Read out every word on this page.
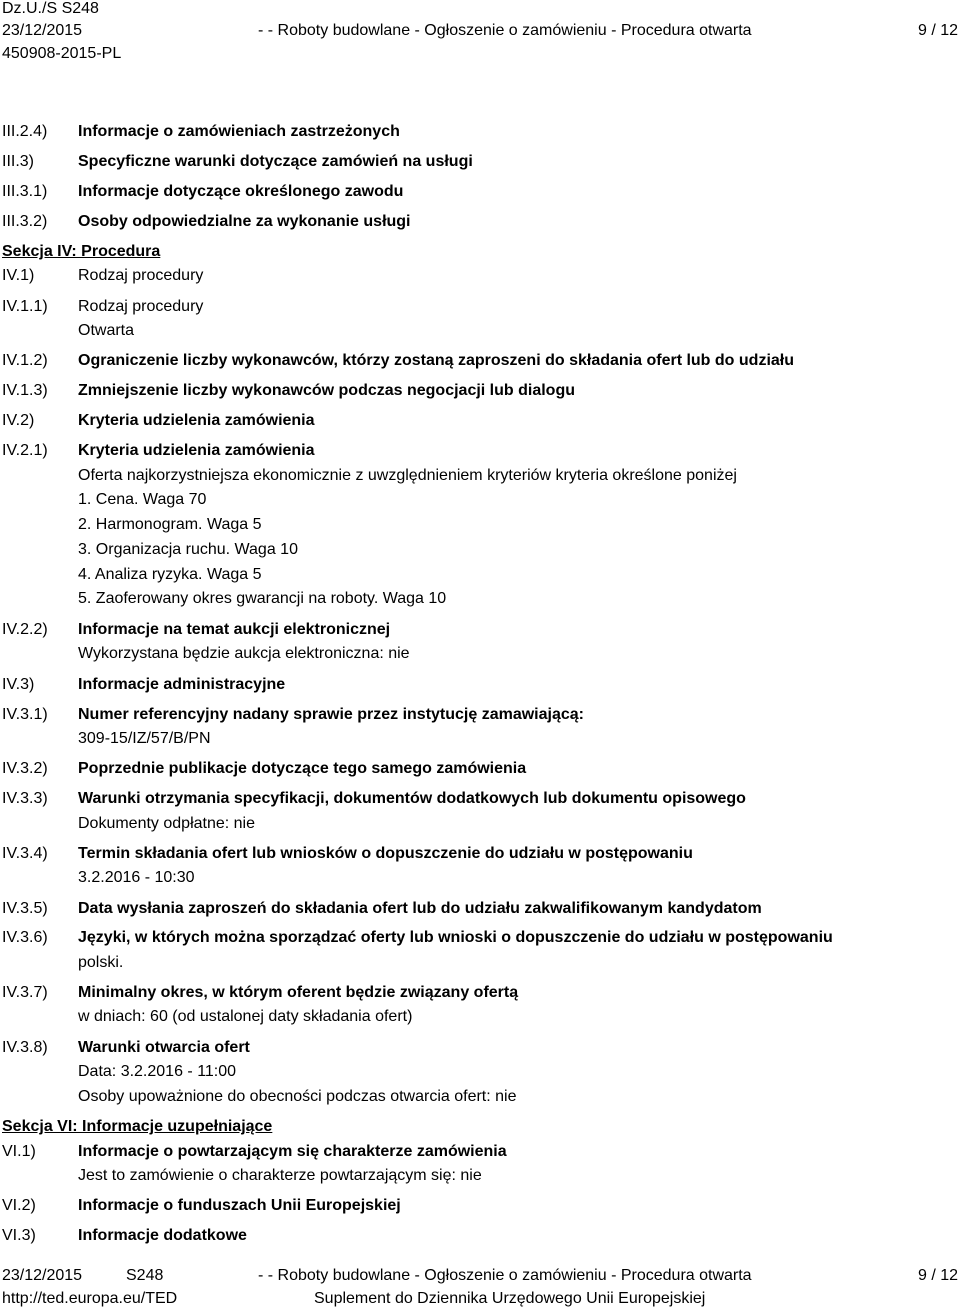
Dz.U./S S248
23/12/2015
450908-2015-PL
- - Roboty budowlane - Ogłoszenie o zamówieniu - Procedura otwarta	9 / 12
III.2.4) Informacje o zamówieniach zastrzeżonych
III.3)	Specyficzne warunki dotyczące zamówień na usługi
III.3.1) Informacje dotyczące określonego zawodu
III.3.2) Osoby odpowiedzialne za wykonanie usługi
Sekcja IV: Procedura
IV.1)	Rodzaj procedury
IV.1.1) Rodzaj procedury
Otwarta
IV.1.2) Ograniczenie liczby wykonawców, którzy zostaną zaproszeni do składania ofert lub do udziału
IV.1.3) Zmniejszenie liczby wykonawców podczas negocjacji lub dialogu
IV.2)	Kryteria udzielenia zamówienia
IV.2.1) Kryteria udzielenia zamówienia
Oferta najkorzystniejsza ekonomicznie z uwzględnieniem kryteriów kryteria określone poniżej
1. Cena. Waga 70
2. Harmonogram. Waga 5
3. Organizacja ruchu. Waga 10
4. Analiza ryzyka. Waga 5
5. Zaoferowany okres gwarancji na roboty. Waga 10
IV.2.2) Informacje na temat aukcji elektronicznej
Wykorzystana będzie aukcja elektroniczna: nie
IV.3)	Informacje administracyjne
IV.3.1) Numer referencyjny nadany sprawie przez instytucję zamawiającą:
309-15/IZ/57/B/PN
IV.3.2) Poprzednie publikacje dotyczące tego samego zamówienia
IV.3.3) Warunki otrzymania specyfikacji, dokumentów dodatkowych lub dokumentu opisowego
Dokumenty odpłatne: nie
IV.3.4) Termin składania ofert lub wniosków o dopuszczenie do udziału w postępowaniu
3.2.2016 - 10:30
IV.3.5) Data wysłania zaproszeń do składania ofert lub do udziału zakwalifikowanym kandydatom
IV.3.6) Języki, w których można sporządzać oferty lub wnioski o dopuszczenie do udziału w postępowaniu
polski.
IV.3.7) Minimalny okres, w którym oferent będzie związany ofertą
w dniach: 60 (od ustalonej daty składania ofert)
IV.3.8) Warunki otwarcia ofert
Data: 3.2.2016 - 11:00
Osoby upoważnione do obecności podczas otwarcia ofert: nie
Sekcja VI: Informacje uzupełniające
VI.1)	Informacje o powtarzającym się charakterze zamówienia
Jest to zamówienie o charakterze powtarzającym się: nie
VI.2)	Informacje o funduszach Unii Europejskiej
VI.3)	Informacje dodatkowe
23/12/2015	S248	- - Roboty budowlane - Ogłoszenie o zamówieniu - Procedura otwarta	9 / 12
http://ted.europa.eu/TED	Suplement do Dziennika Urzędowego Unii Europejskiej
